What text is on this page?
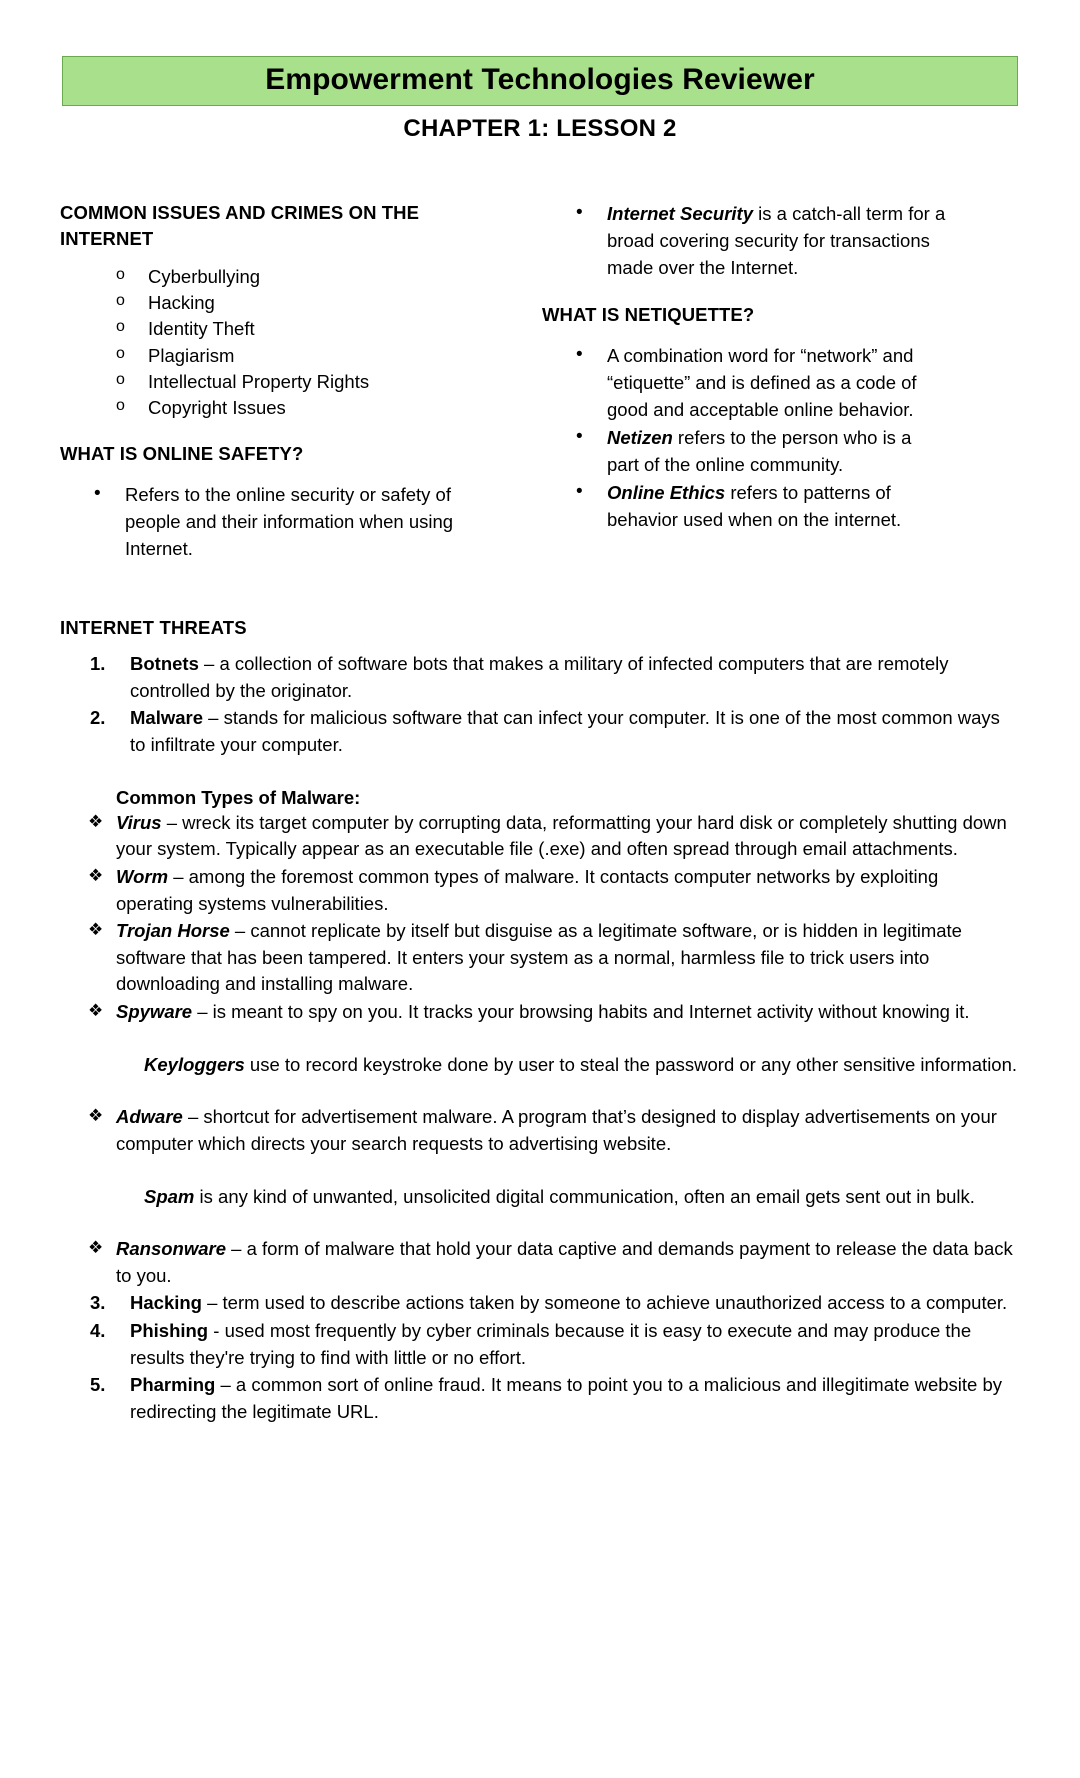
Empowerment Technologies Reviewer
CHAPTER 1: LESSON 2
COMMON ISSUES AND CRIMES ON THE INTERNET
o Cyberbullying
o Hacking
o Identity Theft
o Plagiarism
o Intellectual Property Rights
o Copyright Issues
WHAT IS ONLINE SAFETY?
• Refers to the online security or safety of people and their information when using Internet.
• Internet Security is a catch-all term for a broad covering security for transactions made over the Internet.
WHAT IS NETIQUETTE?
• A combination word for “network” and “etiquette” and is defined as a code of good and acceptable online behavior.
• Netizen refers to the person who is a part of the online community.
• Online Ethics refers to patterns of behavior used when on the internet.
INTERNET THREATS
Botnets – a collection of software bots that makes a military of infected computers that are remotely controlled by the originator.
Malware – stands for malicious software that can infect your computer. It is one of the most common ways to infiltrate your computer.
Common Types of Malware:
❖ Virus – wreck its target computer by corrupting data, reformatting your hard disk or completely shutting down your system. Typically appear as an executable file (.exe) and often spread through email attachments.
❖ Worm – among the foremost common types of malware. It contacts computer networks by exploiting operating systems vulnerabilities.
❖ Trojan Horse – cannot replicate by itself but disguise as a legitimate software, or is hidden in legitimate software that has been tampered. It enters your system as a normal, harmless file to trick users into downloading and installing malware.
❖ Spyware – is meant to spy on you. It tracks your browsing habits and Internet activity without knowing it.

Keyloggers use to record keystroke done by user to steal the password or any other sensitive information.

❖ Adware – shortcut for advertisement malware. A program that’s designed to display advertisements on your computer which directs your search requests to advertising website.

Spam is any kind of unwanted, unsolicited digital communication, often an email gets sent out in bulk.

❖ Ransonware – a form of malware that hold your data captive and demands payment to release the data back to you.
Hacking – term used to describe actions taken by someone to achieve unauthorized access to a computer.
Phishing - used most frequently by cyber criminals because it is easy to execute and may produce the results they're trying to find with little or no effort.
Pharming – a common sort of online fraud. It means to point you to a malicious and illegitimate website by redirecting the legitimate URL.
